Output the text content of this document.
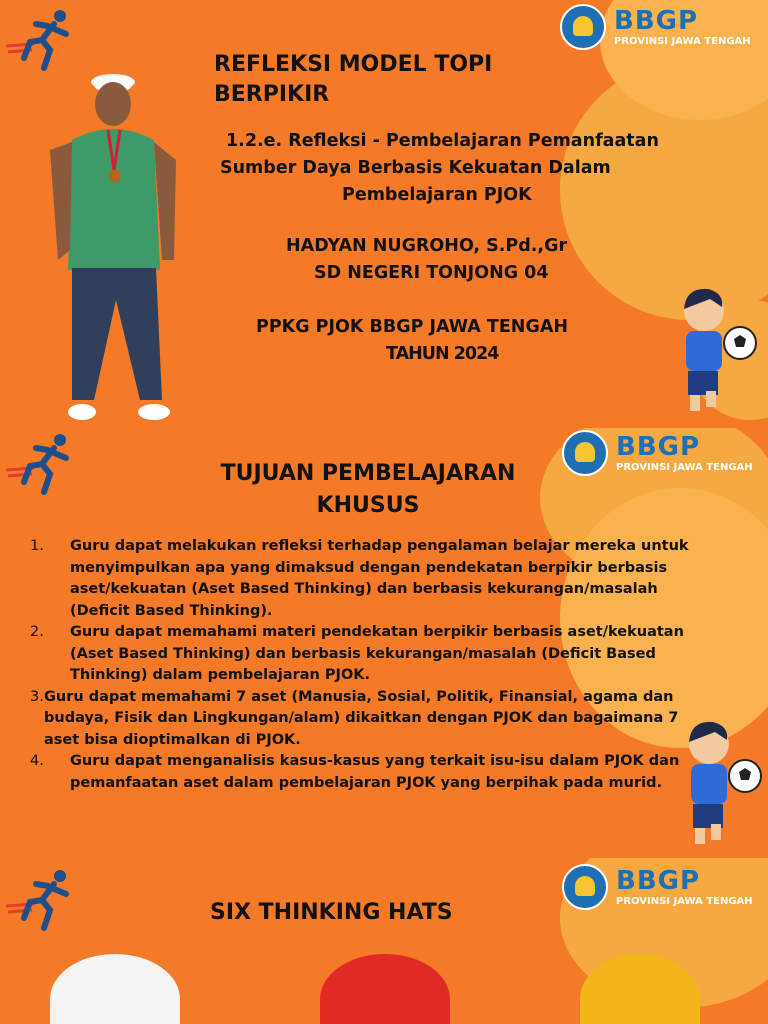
BBGP
PROVINSI JAWA TENGAH
REFLEKSI MODEL TOPI
BERPIKIR
1.2.e. Refleksi - Pembelajaran Pemanfaatan
Sumber Daya Berbasis Kekuatan Dalam
Pembelajaran PJOK
HADYAN NUGROHO, S.Pd.,Gr
SD NEGERI TONJONG 04
PPKG PJOK BBGP JAWA TENGAH
TAHUN 2024
BBGP
PROVINSI JAWA TENGAH
TUJUAN PEMBELAJARAN
KHUSUS
1.	Guru dapat melakukan refleksi terhadap pengalaman belajar mereka untuk menyimpulkan apa yang dimaksud dengan pendekatan berpikir berbasis aset/kekuatan (Aset Based Thinking) dan berbasis kekurangan/masalah (Deficit Based Thinking).
2.	Guru dapat memahami materi pendekatan berpikir berbasis aset/kekuatan (Aset Based Thinking) dan berbasis kekurangan/masalah (Deficit Based Thinking) dalam pembelajaran PJOK.
3. Guru dapat memahami 7 aset (Manusia, Sosial, Politik, Finansial, agama dan budaya, Fisik dan Lingkungan/alam) dikaitkan dengan PJOK dan bagaimana 7 aset bisa dioptimalkan di PJOK.
4.	Guru dapat menganalisis kasus-kasus yang terkait isu-isu dalam PJOK dan pemanfaatan aset dalam pembelajaran PJOK yang berpihak pada murid.
BBGP
PROVINSI JAWA TENGAH
SIX THINKING HATS
